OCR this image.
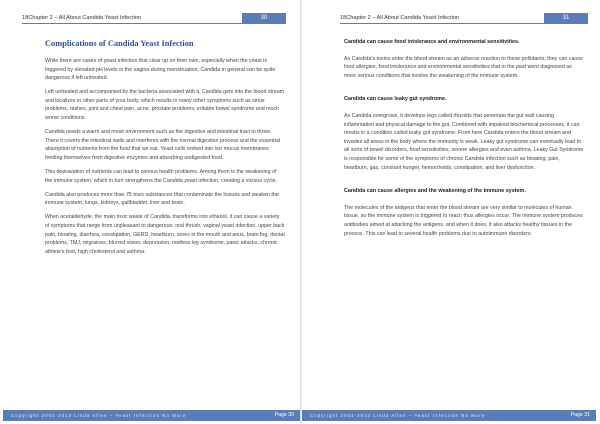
18Chapter 2 – All About Candida Yeast Infection	30
Complications of Candida Yeast Infection

While there are cases of yeast infection that clear up on their own, especially when the yeast is triggered by elevated pH levels in the vagina during menstruation, Candida in general can be quite dangerous if left untreated.

Left untreated and accompanied by the bacteria associated with it, Candida gets into the blood stream and localizes in other parts of your body, which results in many other symptoms such as sinus problems, rashes, joint and chest pain, acne, prostate problems, irritable bowel syndrome and much worse conditions.

Candida needs a warm and moist environment such as the digestive and intestinal tract to thrive. There it covers the intestinal walls and interferes with the normal digestion process and the essential absorption of nutrients from the food that we eat. Yeast cells embed into our mucus membranes feeding themselves from digestive enzymes and absorbing undigested food.

This depravation of nutrients can lead to serious health problems. Among them is the weakening of the immune system, which in turn strengthens the Candida yeast infection, creating a vicious cycle.

Candida also produces more than 75 toxic substances that contaminate the tissues and weaken the immune system, lungs, kidneys, gallbladder, liver and brain.

When acetaldehyde, the main toxic waste of Candida, transforms into ethanol, it can cause a variety of symptoms that range from unpleasant to dangerous: oral thrush, vaginal yeast infection, upper back pain, bloating, diarrhea, constipation, GERD, heartburn, sores in the mouth and anus, brain fog, dental problems, TMJ, migraines, blurred vision, depression, restless leg syndrome, panic attacks, chronic athlete's foot, high cholesterol and asthma.

Copyright 2004-2013 Linda Allen – Yeast Infection No More	Page 30
18Chapter 2 – All About Candida Yeast Infection	31

Candida can cause food intolerance and environmental sensitivities.

As Candida's toxins enter the blood stream as an adverse reaction to these pollutants, they can cause food allergies, food intolerance and environmental sensitivities that in the past were diagnosed as more serious conditions that involve the weakening of the immune system.

Candida can cause leaky gut syndrome.

As Candida overgrows, it develops legs called rhizoids that penetrate the gut wall causing inflammation and physical damage to the gut. Combined with impaired biochemical processes, it can results in a condition called leaky gut syndrome. From here Candida enters the blood stream and invades all areas in the body where the immunity is weak. Leaky gut syndrome can eventually lead to all sorts of bowel disorders, food sensitivities, severe allergies and even asthma. Leaky Gut Syndrome is responsible for some of the symptoms of chronic Candida infection such as bloating, pain, heartburn, gas, constant hunger, hemorrhoids, constipation, and liver dysfunction.

Candida can cause allergies and the weakening of the immune system.

The molecules of the antigens that enter the blood stream are very similar to molecules of human tissue, so the immune system is triggered to react; thus allergies occur. The immune system produces antibodies aimed at attacking the antigens, and when it does, it also attacks healthy tissues in the process. This can lead to several health problems due to autoimmune disorders.

Copyright 2004-2013 Linda Allen – Yeast Infection No More	Page 31
